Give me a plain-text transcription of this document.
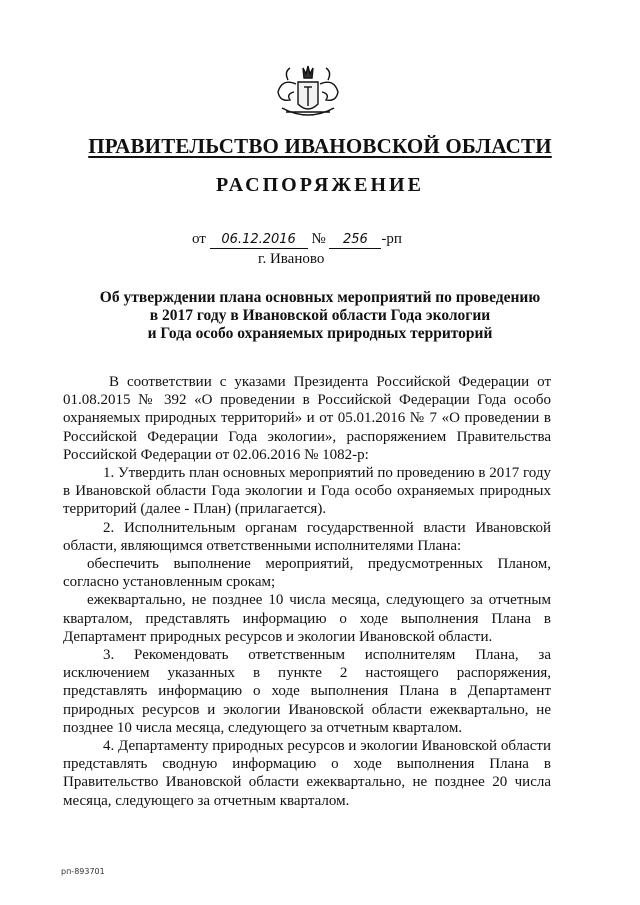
ПРАВИТЕЛЬСТВО ИВАНОВСКОЙ ОБЛАСТИ
РАСПОРЯЖЕНИЕ
от 06.12.2016 № 256 -рп
г. Иваново
Об утверждении плана основных мероприятий по проведению
в 2017 году в Ивановской области Года экологии
и Года особо охраняемых природных территорий

В соответствии с указами Президента Российской Федерации от 01.08.2015 № 392 «О проведении в Российской Федерации Года особо охраняемых природных территорий» и от 05.01.2016 № 7 «О проведении в Российской Федерации Года экологии», распоряжением Правительства Российской Федерации от 02.06.2016 № 1082-р:

1. Утвердить план основных мероприятий по проведению в 2017 году в Ивановской области Года экологии и Года особо охраняемых природных территорий (далее - План) (прилагается).

2. Исполнительным органам государственной власти Ивановской области, являющимся ответственными исполнителями Плана:

обеспечить выполнение мероприятий, предусмотренных Планом, согласно установленным срокам;

ежеквартально, не позднее 10 числа месяца, следующего за отчетным кварталом, представлять информацию о ходе выполнения Плана в Департамент природных ресурсов и экологии Ивановской области.

3. Рекомендовать ответственным исполнителям Плана, за исключением указанных в пункте 2 настоящего распоряжения, представлять информацию о ходе выполнения Плана в Департамент природных ресурсов и экологии Ивановской области ежеквартально, не позднее 10 числа месяца, следующего за отчетным кварталом.

4. Департаменту природных ресурсов и экологии Ивановской области представлять сводную информацию о ходе выполнения Плана в Правительство Ивановской области ежеквартально, не позднее 20 числа месяца, следующего за отчетным кварталом.

рп-893701
